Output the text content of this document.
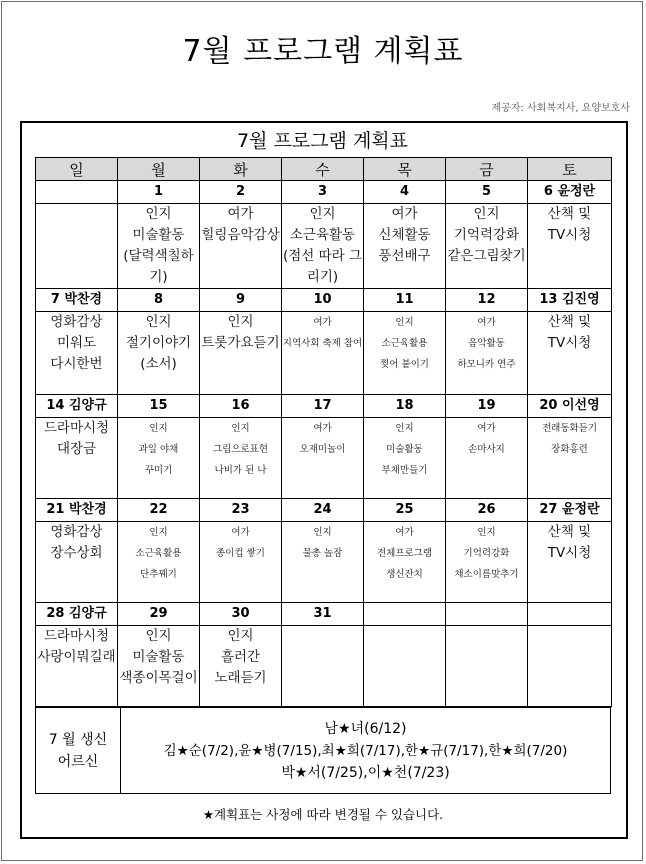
7월 프로그램 계획표
제공자: 사회복지사, 요양보호사
7월 프로그램 계획표
일	월	화	수	목	금	토
	1	2	3	4	5	6 윤정란

	인지
미술활동
(달력색칠하기)	여가
힐링음악감상	인지
소근육활동
(점선 따라 그리기)	여가
신체활동
풍선배구	인지
기억력강화
같은그림찾기	산책 및
TV시청

7 박찬경	8	9	10	11	12	13 김진영

영화감상
미워도
다시한번	인지
절기이야기
(소서)	인지
트롯가요듣기	여가
지역사회 축제 참여	인지
소근육활용
찢어 붙이기	여가
음악활동
하모니카 연주	산책 및
TV시청

14 김양규	15	16	17	18	19	20 이선영

드라마시청
대장금	인지
과일 야채
꾸미기	인지
그림으로표현
나비가 된 나	여가
오재미놀이	인지
미술활동
부채만들기	여가
손마사지	전래동화듣기
장화홍련

21 박찬경	22	23	24	25	26	27 윤정란

영화감상
장수상회	인지
소근육활용
단추꿰기	여가
종이컵 쌓기	인지
물총 놀잠	여가
전체프로그램
생신잔치	인지
기억력강화
채소이름맞추기	산책 및
TV시청

28 김양규	29	30	31			

드라마시청
사랑이뭐길래	인지
미술활동
색종이목걸이	인지
흘러간
노래듣기				

7 월 생신
어르신

남★녀(6/12)
김★순(7/2),윤★병(7/15),최★희(7/17),한★규(7/17),한★희(7/20)
박★서(7/25),이★천(7/23)
★계획표는 사정에 따라 변경될 수 있습니다.
